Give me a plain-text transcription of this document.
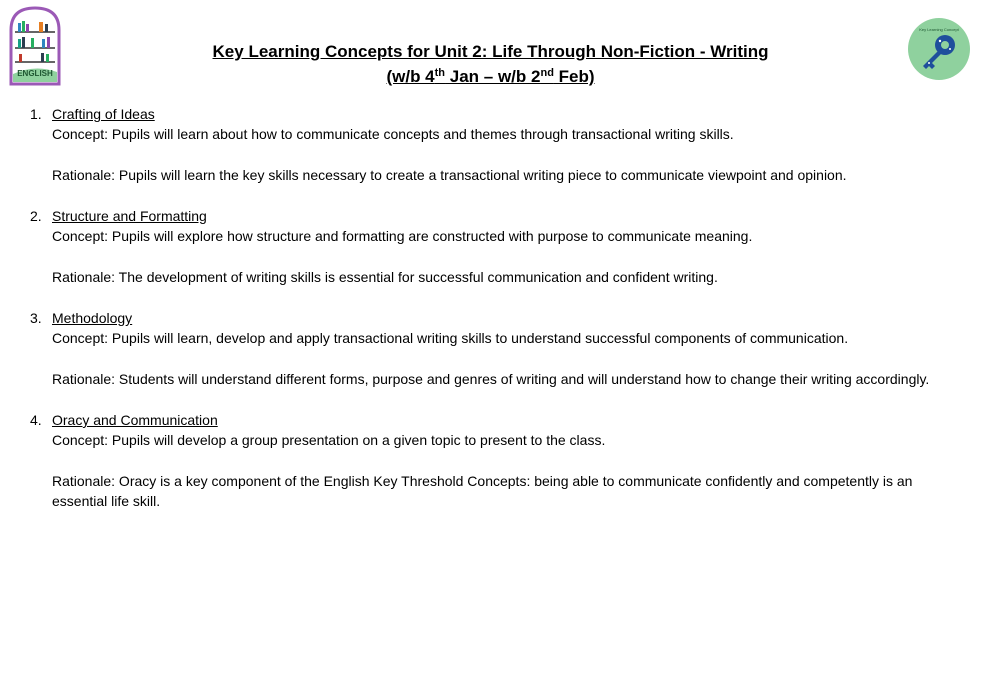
ENGLISH
Key Learning Concept
Key Learning Concepts for Unit 2: Life Through Non-Fiction - Writing
(w/b 4th Jan – w/b 2nd Feb)
1. Crafting of Ideas

Concept: Pupils will learn about how to communicate concepts and themes through transactional writing skills.

Rationale: Pupils will learn the key skills necessary to create a transactional writing piece to communicate viewpoint and opinion.

2. Structure and Formatting

Concept: Pupils will explore how structure and formatting are constructed with purpose to communicate meaning.

Rationale: The development of writing skills is essential for successful communication and confident writing.

3. Methodology

Concept: Pupils will learn, develop and apply transactional writing skills to understand successful components of communication.

Rationale: Students will understand different forms, purpose and genres of writing and will understand how to change their writing accordingly.

4. Oracy and Communication

Concept: Pupils will develop a group presentation on a given topic to present to the class.

Rationale: Oracy is a key component of the English Key Threshold Concepts: being able to communicate confidently and competently is an essential life skill.
